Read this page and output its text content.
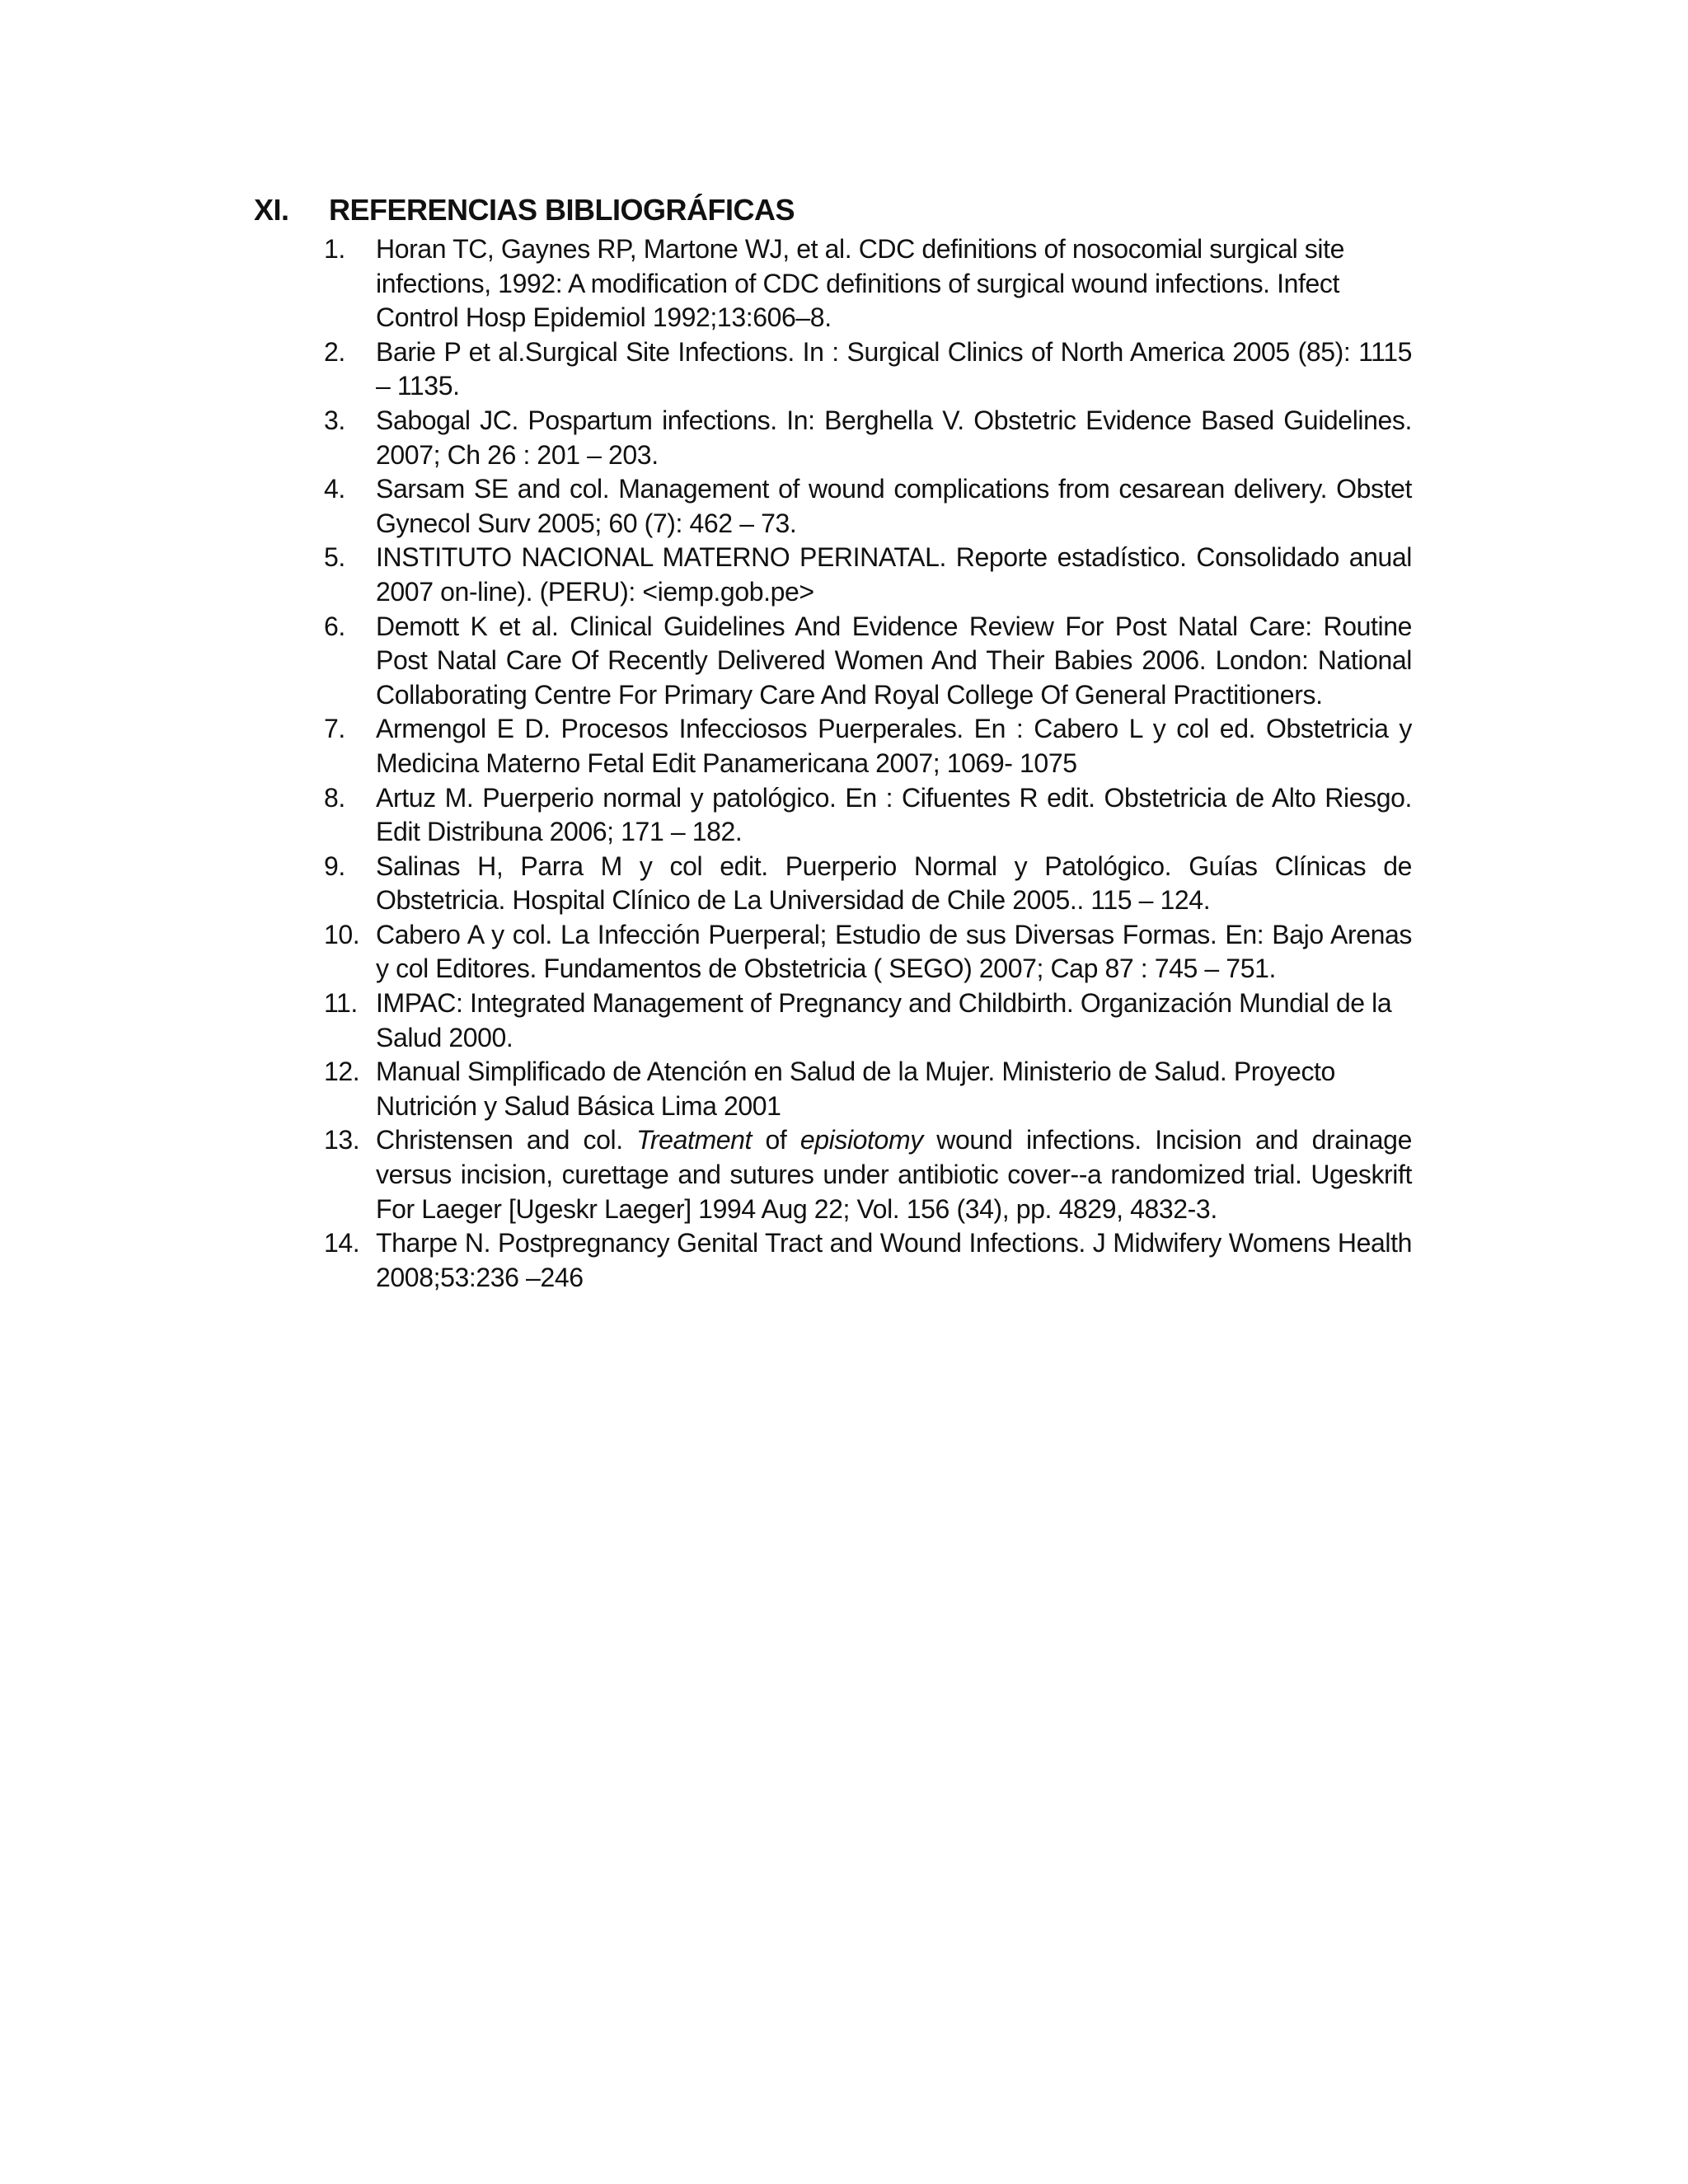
XI. REFERENCIAS BIBLIOGRÁFICAS
1. Horan TC, Gaynes RP, Martone WJ, et al. CDC definitions of nosocomial surgical site infections, 1992: A modification of CDC definitions of surgical wound infections. Infect Control Hosp Epidemiol 1992;13:606–8.
2. Barie P et al.Surgical Site Infections. In : Surgical Clinics of North America 2005 (85): 1115 – 1135.
3. Sabogal JC. Pospartum infections. In: Berghella V. Obstetric Evidence Based Guidelines. 2007; Ch 26 : 201 – 203.
4. Sarsam SE and col. Management of wound complications from cesarean delivery. Obstet Gynecol Surv 2005; 60 (7): 462 – 73.
5. INSTITUTO NACIONAL MATERNO PERINATAL. Reporte estadístico. Consolidado anual 2007 on-line). (PERU): <iemp.gob.pe>
6. Demott K et al. Clinical Guidelines And Evidence Review For Post Natal Care: Routine Post Natal Care Of Recently Delivered Women And Their Babies 2006. London: National Collaborating Centre For Primary Care And Royal College Of General Practitioners.
7. Armengol E D. Procesos Infecciosos Puerperales. En : Cabero L y col ed. Obstetricia y Medicina Materno Fetal Edit Panamericana 2007; 1069- 1075
8. Artuz M. Puerperio normal y patológico. En : Cifuentes R edit. Obstetricia de Alto Riesgo. Edit Distribuna 2006; 171 – 182.
9. Salinas H, Parra M y col edit. Puerperio Normal y Patológico. Guías Clínicas de Obstetricia. Hospital Clínico de La Universidad de Chile 2005.. 115 – 124.
10. Cabero A y col. La Infección Puerperal; Estudio de sus Diversas Formas. En: Bajo Arenas y col Editores. Fundamentos de Obstetricia ( SEGO) 2007; Cap 87 : 745 – 751.
11. IMPAC: Integrated Management of Pregnancy and Childbirth. Organización Mundial de la Salud 2000.
12. Manual Simplificado de Atención en Salud de la Mujer. Ministerio de Salud. Proyecto Nutrición y Salud Básica Lima 2001
13. Christensen and col. Treatment of episiotomy wound infections. Incision and drainage versus incision, curettage and sutures under antibiotic cover--a randomized trial. Ugeskrift For Laeger [Ugeskr Laeger] 1994 Aug 22; Vol. 156 (34), pp. 4829, 4832-3.
14. Tharpe N. Postpregnancy Genital Tract and Wound Infections. J Midwifery Womens Health 2008;53:236 –246
